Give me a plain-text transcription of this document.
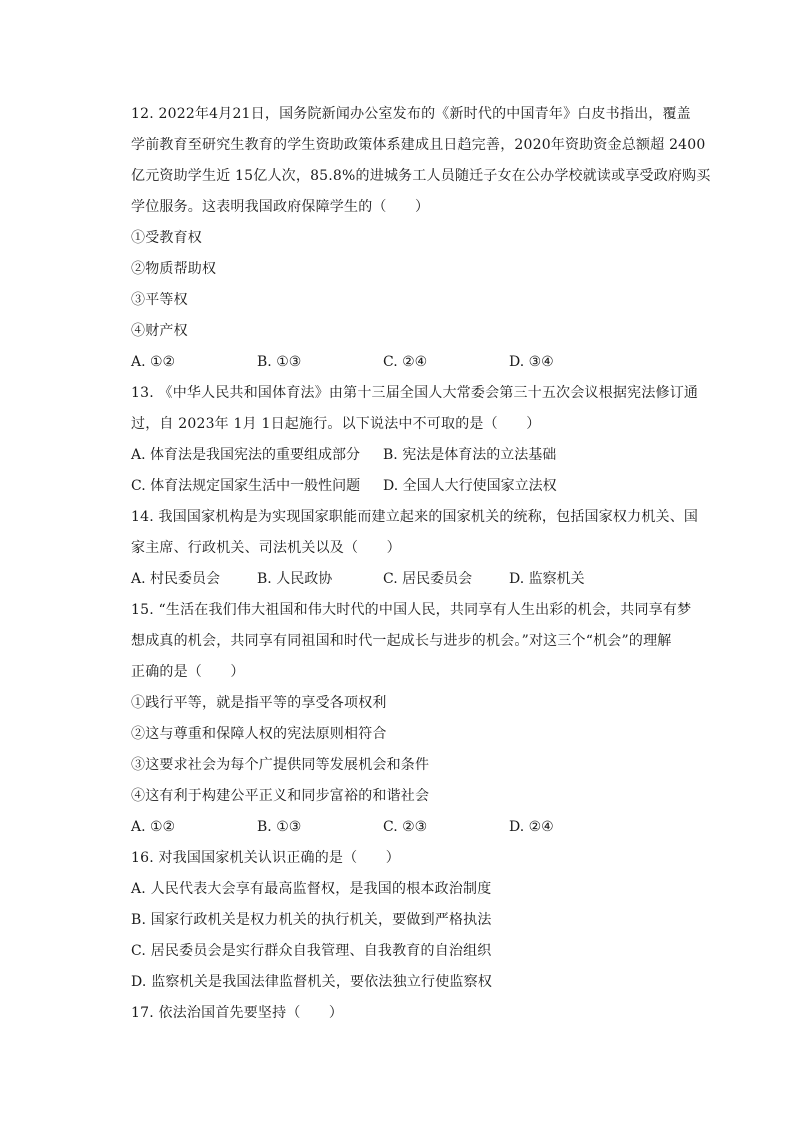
12. 2022年4月21日，国务院新闻办公室发布的《新时代的中国青年》白皮书指出，覆盖
学前教育至研究生教育的学生资助政策体系建成且日趋完善，2020年资助资金总额超 2400
亿元资助学生近 15亿人次，85.8%的进城务工人员随迁子女在公办学校就读或享受政府购买
学位服务。这表明我国政府保障学生的（　　）
①受教育权
②物质帮助权
③平等权
④财产权
A. ①②	B. ①③	C. ②④	D. ③④
13. 《中华人民共和国体育法》由第十三届全国人大常委会第三十五次会议根据宪法修订通
过，自 2023年 1月 1日起施行。以下说法中不可取的是（　　）
A. 体育法是我国宪法的重要组成部分	B. 宪法是体育法的立法基础
C. 体育法规定国家生活中一般性问题	D. 全国人大行使国家立法权
14. 我国国家机构是为实现国家职能而建立起来的国家机关的统称，包括国家权力机关、国
家主席、行政机关、司法机关以及（　　）
A. 村民委员会	B. 人民政协	C. 居民委员会	D. 监察机关
15. “生活在我们伟大祖国和伟大时代的中国人民，共同享有人生出彩的机会，共同享有梦
想成真的机会，共同享有同祖国和时代一起成长与进步的机会。”对这三个“机会”的理解
正确的是（　　）
①践行平等，就是指平等的享受各项权利
②这与尊重和保障人权的宪法原则相符合
③这要求社会为每个广提供同等发展机会和条件
④这有利于构建公平正义和同步富裕的和谐社会
A. ①②	B. ①③	C. ②③	D. ②④
16. 对我国国家机关认识正确的是（　　）
A. 人民代表大会享有最高监督权，是我国的根本政治制度
B. 国家行政机关是权力机关的执行机关，要做到严格执法
C. 居民委员会是实行群众自我管理、自我教育的自治组织
D. 监察机关是我国法律监督机关，要依法独立行使监察权
17. 依法治国首先要坚持（　　）
